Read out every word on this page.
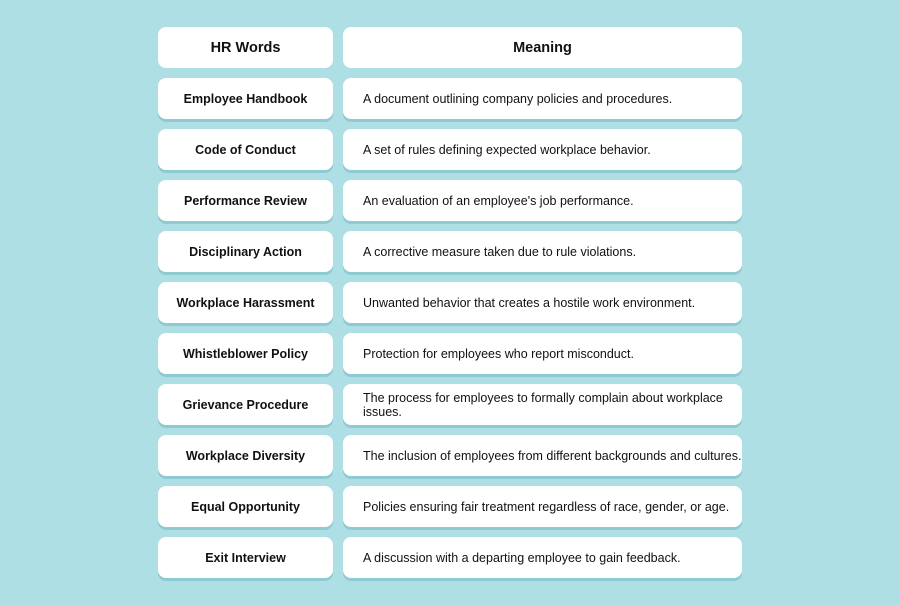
HR Words	Meaning
Employee Handbook	A document outlining company policies and procedures.
Code of Conduct	A set of rules defining expected workplace behavior.
Performance Review	An evaluation of an employee's job performance.
Disciplinary Action	A corrective measure taken due to rule violations.
Workplace Harassment	Unwanted behavior that creates a hostile work environment.
Whistleblower Policy	Protection for employees who report misconduct.
Grievance Procedure	The process for employees to formally complain about workplace issues.
Workplace Diversity	The inclusion of employees from different backgrounds and cultures.
Equal Opportunity	Policies ensuring fair treatment regardless of race, gender, or age.
Exit Interview	A discussion with a departing employee to gain feedback.
